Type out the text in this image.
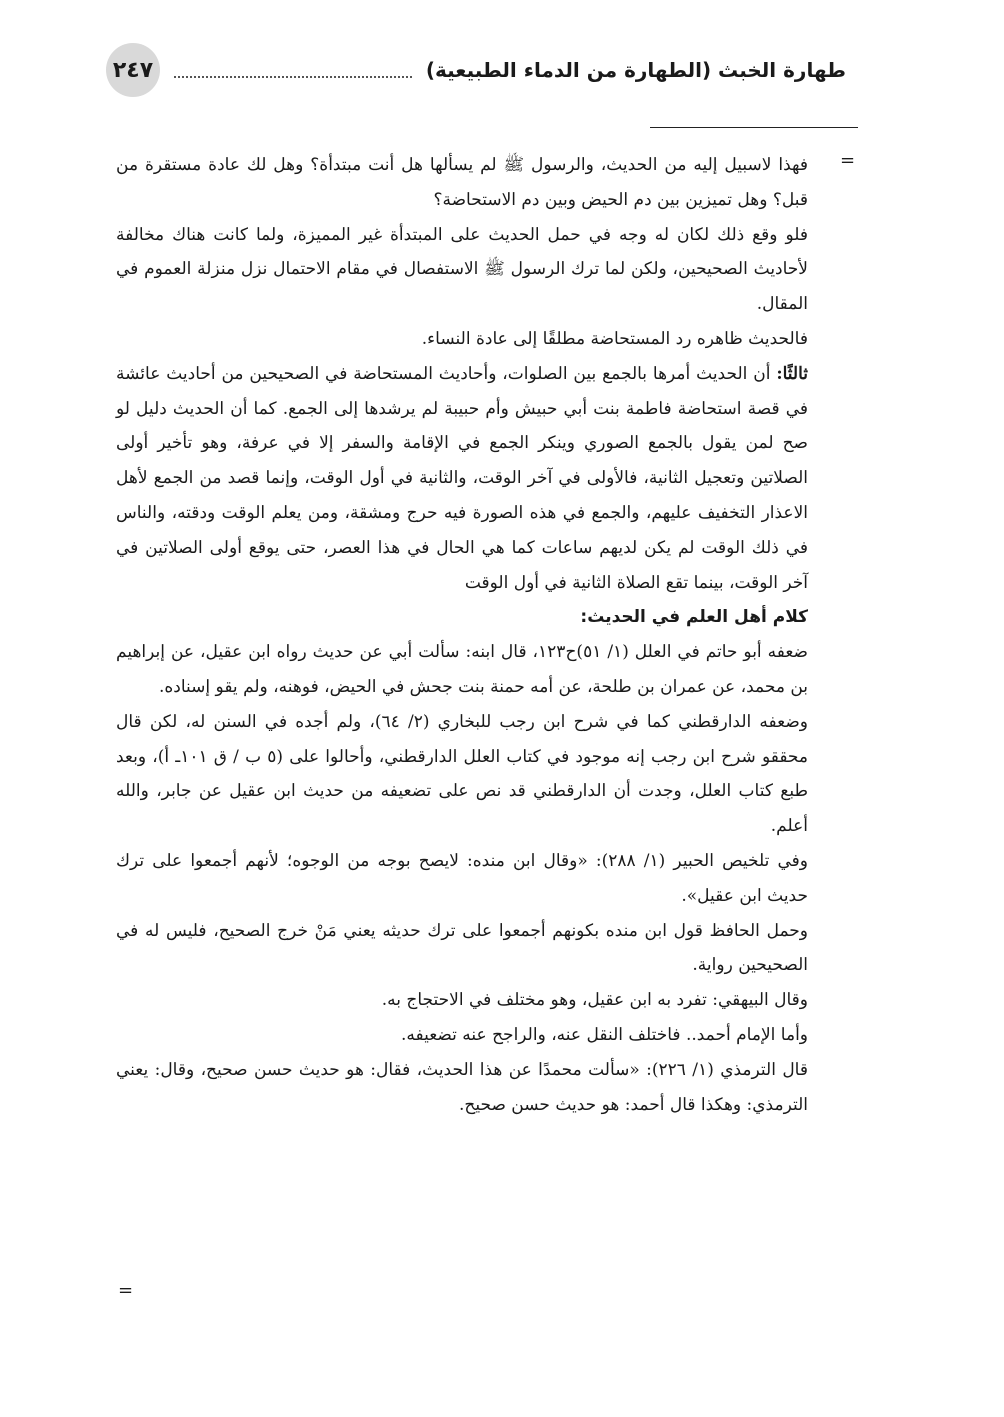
طهارة الخبث (الطهارة من الدماء الطبيعية)
٢٤٧
=

فهذا لاسبيل إليه من الحديث، والرسول ﷺ لم يسألها هل أنت مبتدأة؟ وهل لك عادة مستقرة من قبل؟ وهل تميزين بين دم الحيض وبين دم الاستحاضة؟

فلو وقع ذلك لكان له وجه في حمل الحديث على المبتدأة غير المميزة، ولما كانت هناك مخالفة لأحاديث الصحيحين، ولكن لما ترك الرسول ﷺ الاستفصال في مقام الاحتمال نزل منزلة العموم في المقال.

فالحديث ظاهره رد المستحاضة مطلقًا إلى عادة النساء.

ثالثًا: أن الحديث أمرها بالجمع بين الصلوات، وأحاديث المستحاضة في الصحيحين من أحاديث عائشة في قصة استحاضة فاطمة بنت أبي حبيش وأم حبيبة لم يرشدها إلى الجمع. كما أن الحديث دليل لو صح لمن يقول بالجمع الصوري وينكر الجمع في الإقامة والسفر إلا في عرفة، وهو تأخير أولى الصلاتين وتعجيل الثانية، فالأولى في آخر الوقت، والثانية في أول الوقت، وإنما قصد من الجمع لأهل الاعذار التخفيف عليهم، والجمع في هذه الصورة فيه حرج ومشقة، ومن يعلم الوقت ودقته، والناس في ذلك الوقت لم يكن لديهم ساعات كما هي الحال في هذا العصر، حتى يوقع أولى الصلاتين في آخر الوقت، بينما تقع الصلاة الثانية في أول الوقت

كلام أهل العلم في الحديث:

ضعفه أبو حاتم في العلل (١/ ٥١)ح١٢٣، قال ابنه: سألت أبي عن حديث رواه ابن عقيل، عن إبراهيم بن محمد، عن عمران بن طلحة، عن أمه حمنة بنت جحش في الحيض، فوهنه، ولم يقو إسناده.

وضعفه الدارقطني كما في شرح ابن رجب للبخاري (٢/ ٦٤)، ولم أجده في السنن له، لكن قال محققو شرح ابن رجب إنه موجود في كتاب العلل الدارقطني، وأحالوا على (٥ ب / ق ١٠١ـ أ)، وبعد طبع كتاب العلل، وجدت أن الدارقطني قد نص على تضعيفه من حديث ابن عقيل عن جابر، والله أعلم.

وفي تلخيص الحبير (١/ ٢٨٨): «وقال ابن منده: لايصح بوجه من الوجوه؛ لأنهم أجمعوا على ترك حديث ابن عقيل».

وحمل الحافظ قول ابن منده بكونهم أجمعوا على ترك حديثه يعني مَنْ خرج الصحيح، فليس له في الصحيحين رواية.

وقال البيهقي: تفرد به ابن عقيل، وهو مختلف في الاحتجاج به.

وأما الإمام أحمد.. فاختلف النقل عنه، والراجح عنه تضعيفه.

قال الترمذي (١/ ٢٢٦): «سألت محمدًا عن هذا الحديث، فقال: هو حديث حسن صحيح، وقال: يعني الترمذي: وهكذا قال أحمد: هو حديث حسن صحيح.

=
